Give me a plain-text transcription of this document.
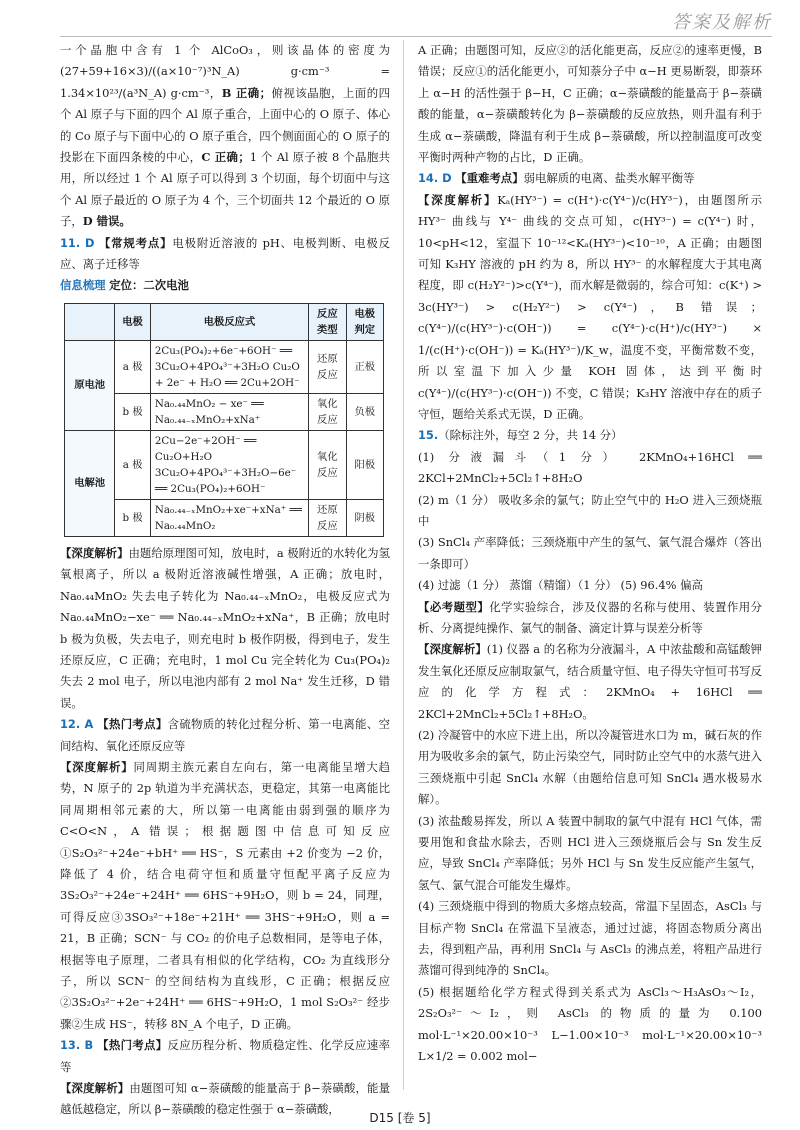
答案及解析

一个晶胞中含有 1 个 AlCoO₃，则该晶体的密度为 (27+59+16×3)/((a×10⁻⁷)³N_A) g·cm⁻³ = 1.34×10²³/(a³N_A) g·cm⁻³，B 正确；俯视该晶胞，上面的四个 Al 原子与下面的四个 Al 原子重合，上面中心的 O 原子、体心的 Co 原子与下面中心的 O 原子重合，四个侧面面心的 O 原子的投影在下面四条棱的中心，C 正确；1 个 Al 原子被 8 个晶胞共用，所以经过 1 个 Al 原子可以得到 3 个切面，每个切面中与这个 Al 原子最近的 O 原子为 4 个，三个切面共 12 个最近的 O 原子，D 错误。

11. D 【常规考点】电极附近溶液的 pH、电极判断、电极反应、离子迁移等

信息梳理 定位：二次电池

	电极	电极反应式	反应类型	电极判定
原电池	a 极	2Cu₃(PO₄)₂+6e⁻+6OH⁻ ══ 3Cu₂O+4PO₄³⁻+3H₂O Cu₂O + 2e⁻ + H₂O ══ 2Cu+2OH⁻	还原反应	正极
	b 极	Na₀.₄₄MnO₂ − xe⁻ ══ Na₀.₄₄₋ₓMnO₂+xNa⁺	氧化反应	负极
电解池	a 极	2Cu−2e⁻+2OH⁻ ══ Cu₂O+H₂O 3Cu₂O+4PO₄³⁻+3H₂O−6e⁻ ══ 2Cu₃(PO₄)₂+6OH⁻	氧化反应	阳极
	b 极	Na₀.₄₄₋ₓMnO₂+xe⁻+xNa⁺ ══ Na₀.₄₄MnO₂	还原反应	阴极

【深度解析】由题给原理图可知，放电时，a 极附近的水转化为氢氧根离子，所以 a 极附近溶液碱性增强，A 正确；放电时，Na₀.₄₄MnO₂ 失去电子转化为 Na₀.₄₄₋ₓMnO₂，电极反应式为 Na₀.₄₄MnO₂−xe⁻ ══ Na₀.₄₄₋ₓMnO₂+xNa⁺，B 正确；放电时 b 极为负极，失去电子，则充电时 b 极作阴极，得到电子，发生还原反应，C 正确；充电时，1 mol Cu 完全转化为 Cu₃(PO₄)₂ 失去 2 mol 电子，所以电池内部有 2 mol Na⁺ 发生迁移，D 错误。

12. A 【热门考点】含硫物质的转化过程分析、第一电离能、空间结构、氧化还原反应等

【深度解析】同周期主族元素自左向右，第一电离能呈增大趋势，N 原子的 2p 轨道为半充满状态，更稳定，其第一电离能比同周期相邻元素的大，所以第一电离能由弱到强的顺序为 C<O<N，A 错误；根据题图中信息可知反应①S₂O₃²⁻+24e⁻+bH⁺ ══ HS⁻，S 元素由 +2 价变为 −2 价，降低了 4 价，结合电荷守恒和质量守恒配平离子反应为 3S₂O₃²⁻+24e⁻+24H⁺ ══ 6HS⁻+9H₂O，则 b = 24，同理，可得反应③3SO₃²⁻+18e⁻+21H⁺ ══ 3HS⁻+9H₂O，则 a = 21，B 正确；SCN⁻ 与 CO₂ 的价电子总数相同，是等电子体，根据等电子原理，二者具有相似的化学结构，CO₂ 为直线形分子，所以 SCN⁻ 的空间结构为直线形，C 正确；根据反应②3S₂O₃²⁻+2e⁻+24H⁺ ══ 6HS⁻+9H₂O，1 mol S₂O₃²⁻ 经步骤②生成 HS⁻，转移 8N_A 个电子，D 正确。

13. B 【热门考点】反应历程分析、物质稳定性、化学反应速率等

【深度解析】由题图可知 α−萘磺酸的能量高于 β−萘磺酸，能量越低越稳定，所以 β−萘磺酸的稳定性强于 α−萘磺酸，

A 正确；由题图可知，反应②的活化能更高，反应②的速率更慢，B 错误；反应①的活化能更小，可知萘分子中 α−H 更易断裂，即萘环上 α−H 的活性强于 β−H，C 正确；α−萘磺酸的能量高于 β−萘磺酸的能量，α−萘磺酸转化为 β−萘磺酸的反应放热，则升温有利于生成 α−萘磺酸，降温有利于生成 β−萘磺酸，所以控制温度可改变平衡时两种产物的占比，D 正确。

14. D 【重难考点】弱电解质的电离、盐类水解平衡等

【深度解析】Kₐ(HY³⁻) = c(H⁺)·c(Y⁴⁻)/c(HY³⁻)，由题图所示 HY³⁻ 曲线与 Y⁴⁻ 曲线的交点可知，c(HY³⁻) = c(Y⁴⁻) 时，10<pH<12，室温下 10⁻¹²<Kₐ(HY³⁻)<10⁻¹⁰，A 正确；由题图可知 K₃HY 溶液的 pH 约为 8，所以 HY³⁻ 的水解程度大于其电离程度，即 c(H₂Y²⁻)>c(Y⁴⁻)，而水解是微弱的，综合可知：c(K⁺) > 3c(HY³⁻) > c(H₂Y²⁻) > c(Y⁴⁻)，B 错误；c(Y⁴⁻)/(c(HY³⁻)·c(OH⁻)) = c(Y⁴⁻)·c(H⁺)/c(HY³⁻) × 1/(c(H⁺)·c(OH⁻)) = Kₐ(HY³⁻)/K_w，温度不变，平衡常数不变，所以室温下加入少量 KOH 固体，达到平衡时 c(Y⁴⁻)/(c(HY³⁻)·c(OH⁻)) 不变，C 错误；K₃HY 溶液中存在的质子守恒，题给关系式无误，D 正确。

15.（除标注外，每空 2 分，共 14 分）

(1) 分液漏斗（1 分） 2KMnO₄+16HCl ══ 2KCl+2MnCl₂+5Cl₂↑+8H₂O

(2) m（1 分） 吸收多余的氯气；防止空气中的 H₂O 进入三颈烧瓶中

(3) SnCl₄ 产率降低；三颈烧瓶中产生的氢气、氯气混合爆炸（答出一条即可）

(4) 过滤（1 分） 蒸馏（精馏）（1 分） (5) 96.4% 偏高

【必考题型】化学实验综合，涉及仪器的名称与使用、装置作用分析、分离提纯操作、氯气的制备、滴定计算与误差分析等

【深度解析】(1) 仪器 a 的名称为分液漏斗，A 中浓盐酸和高锰酸钾发生氧化还原反应制取氯气，结合质量守恒、电子得失守恒可书写反应的化学方程式：2KMnO₄ + 16HCl ══ 2KCl+2MnCl₂+5Cl₂↑+8H₂O。

(2) 冷凝管中的水应下进上出，所以冷凝管进水口为 m，碱石灰的作用为吸收多余的氯气，防止污染空气，同时防止空气中的水蒸气进入三颈烧瓶中引起 SnCl₄ 水解（由题给信息可知 SnCl₄ 遇水极易水解）。

(3) 浓盐酸易挥发，所以 A 装置中制取的氯气中混有 HCl 气体，需要用饱和食盐水除去，否则 HCl 进入三颈烧瓶后会与 Sn 发生反应，导致 SnCl₄ 产率降低；另外 HCl 与 Sn 发生反应能产生氢气，氢气、氯气混合可能发生爆炸。

(4) 三颈烧瓶中得到的物质大多熔点较高，常温下呈固态，AsCl₃ 与目标产物 SnCl₄ 在常温下呈液态，通过过滤，将固态物质分离出去，得到粗产品，再利用 SnCl₄ 与 AsCl₃ 的沸点差，将粗产品进行蒸馏可得到纯净的 SnCl₄。

(5) 根据题给化学方程式得到关系式为 AsCl₃～H₃AsO₃～I₂，2S₂O₃²⁻～I₂，则 AsCl₃ 的物质的量为 0.100 mol·L⁻¹×20.00×10⁻³ L−1.00×10⁻³ mol·L⁻¹×20.00×10⁻³ L×1/2 = 0.002 mol−

D15 [卷 5]
